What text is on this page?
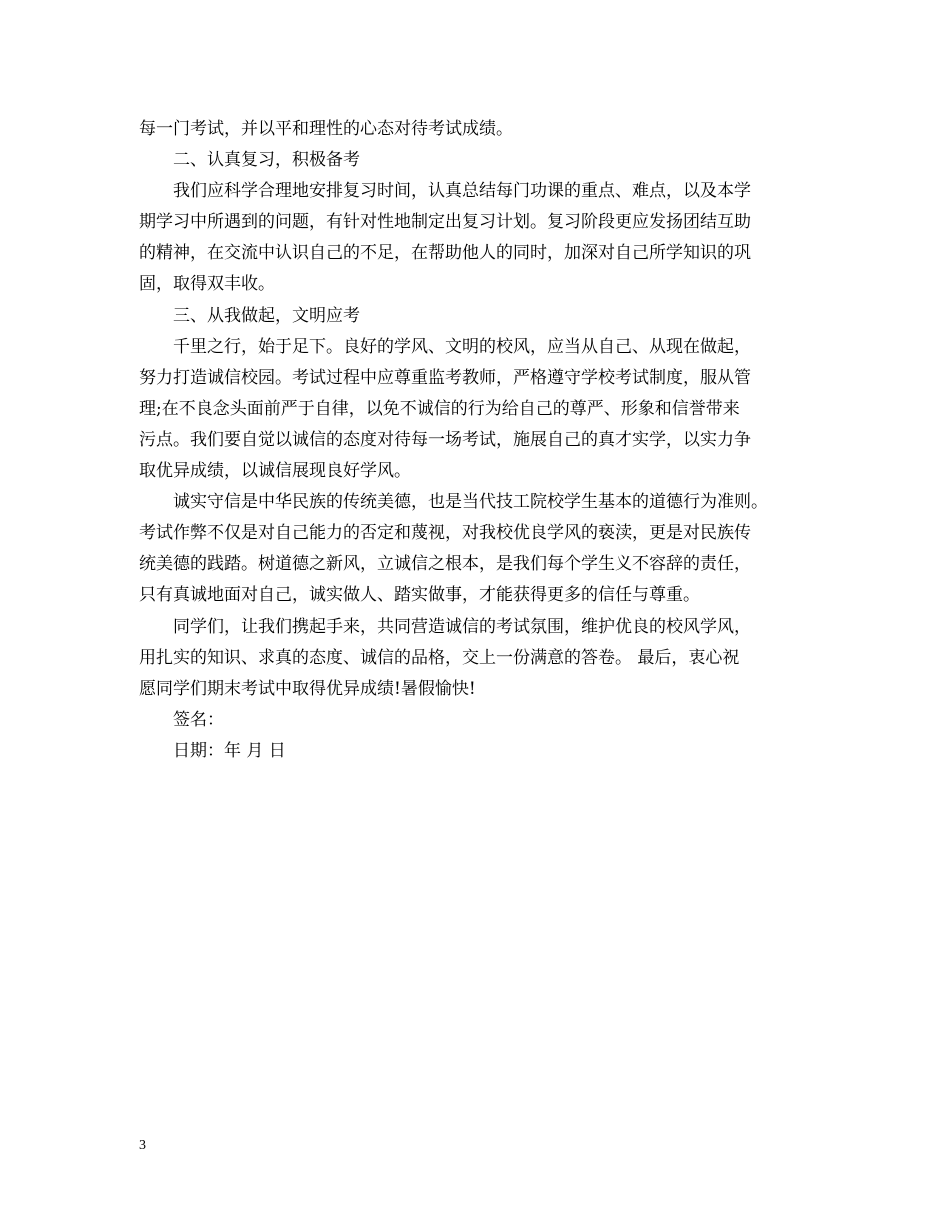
每一门考试，并以平和理性的心态对待考试成绩。
二、认真复习，积极备考
我们应科学合理地安排复习时间，认真总结每门功课的重点、难点，以及本学
期学习中所遇到的问题，有针对性地制定出复习计划。复习阶段更应发扬团结互助
的精神，在交流中认识自己的不足，在帮助他人的同时，加深对自己所学知识的巩
固，取得双丰收。
三、从我做起，文明应考
千里之行，始于足下。良好的学风、文明的校风，应当从自己、从现在做起，
努力打造诚信校园。考试过程中应尊重监考教师，严格遵守学校考试制度，服从管
理;在不良念头面前严于自律，以免不诚信的行为给自己的尊严、形象和信誉带来
污点。我们要自觉以诚信的态度对待每一场考试，施展自己的真才实学，以实力争
取优异成绩，以诚信展现良好学风。
诚实守信是中华民族的传统美德，也是当代技工院校学生基本的道德行为准则。
考试作弊不仅是对自己能力的否定和蔑视，对我校优良学风的亵渎，更是对民族传
统美德的践踏。树道德之新风，立诚信之根本，是我们每个学生义不容辞的责任，
只有真诚地面对自己，诚实做人、踏实做事，才能获得更多的信任与尊重。
同学们，让我们携起手来，共同营造诚信的考试氛围，维护优良的校风学风，
用扎实的知识、求真的态度、诚信的品格，交上一份满意的答卷。 最后，衷心祝
愿同学们期末考试中取得优异成绩!暑假愉快!
签名：
日期：年 月 日
3
